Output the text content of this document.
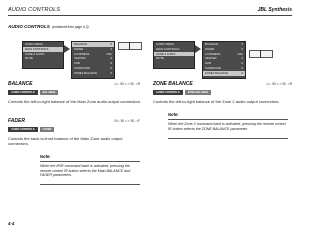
AUDIO CONTROLS	JBL Synthesis
AUDIO CONTROLS (continued from page 4-3)
AUDIO MENU
MAIN CONTROLS
ZONE 2 AUDIO
MUTE
BALANCE	0
FADER	0
LOUDNESS	OFF
CENTER	0
SUB	0
SURROUND	0
ZONE2 BALANCE	0
AUDIO MENU
MAIN CONTROLS
ZONE 2 AUDIO
MUTE
BALANCE	0
FADER	0
LOUDNESS	OFF
CENTER	0
SUB	0
SURROUND	0
ZONE2 BALANCE	0
BALANCE	L<- 50 <-> 50 ->R
AUDIO CONTROLS	BALANCE
Controls the left-to-right balance of the Main Zone audio output connectors.
FADER	R<- 50 <-> 50 ->F
AUDIO CONTROLS	FADER
Controls the back-to-front balance of the Main Zone audio output connectors.
Note:
When the IR/R command bank is activated, pressing the remote control IR button selects the Main BALANCE and FADER parameters.
ZONE BALANCE	L<- 50 <-> 50 ->R
AUDIO CONTROLS	ZONE BALANCE
Controls the left-to-right balance of the Zone 2 audio output connectors.
Note:
When the Zone 2 command bank is activated, pressing the remote control IR button selects the ZONE BALANCE parameter.
4-4
